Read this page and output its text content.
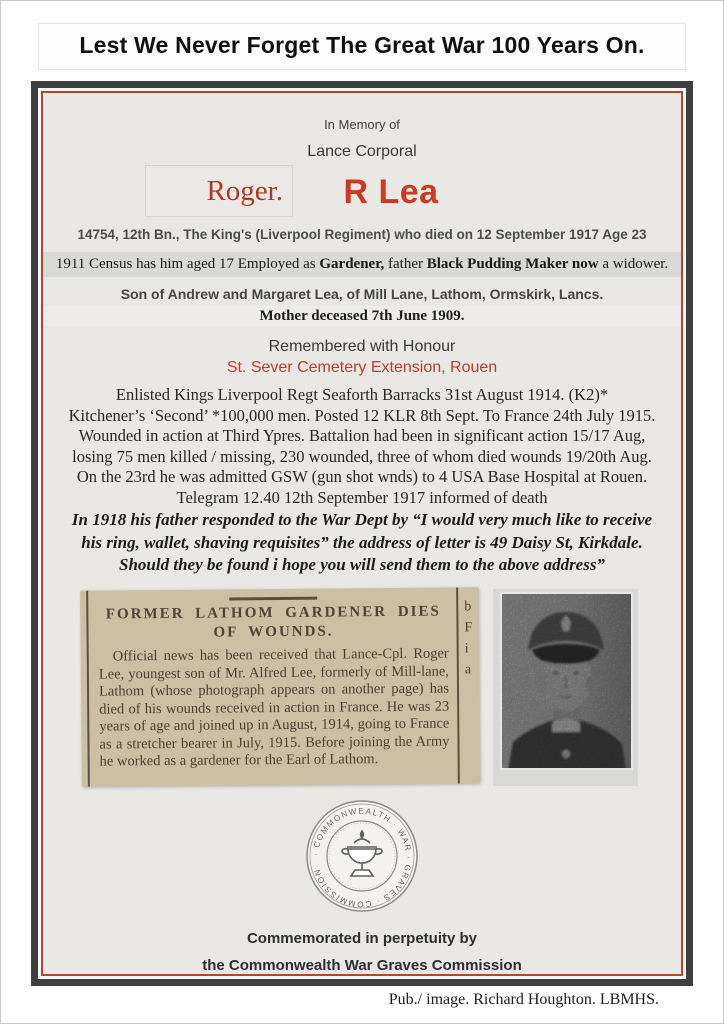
Lest We Never Forget The Great War 100 Years On.
In Memory of
Lance Corporal
Roger. R Lea
14754, 12th Bn., The King's (Liverpool Regiment) who died on 12 September 1917 Age 23
1911 Census has him aged 17 Employed as Gardener, father Black Pudding Maker now a widower.
Son of Andrew and Margaret Lea, of Mill Lane, Lathom, Ormskirk, Lancs.
Mother deceased 7th June 1909.
Remembered with Honour
St. Sever Cemetery Extension, Rouen
Enlisted Kings Liverpool Regt Seaforth Barracks 31st August 1914. (K2)*
Kitchener’s ‘Second’ *100,000 men. Posted 12 KLR 8th Sept. To France 24th July 1915.
Wounded in action at Third Ypres. Battalion had been in significant action 15/17 Aug,
losing 75 men killed / missing, 230 wounded, three of whom died wounds 19/20th Aug.
On the 23rd he was admitted GSW (gun shot wnds) to 4 USA Base Hospital at Rouen.
Telegram 12.40 12th September 1917 informed of death
In 1918 his father responded to the War Dept by “I would very much like to receive
his ring, wallet, shaving requisites” the address of letter is 49 Daisy St, Kirkdale.
Should they be found i hope you will send them to the above address”
FORMER LATHOM GARDENER DIES
OF WOUNDS.
Official news has been received that Lance-Cpl. Roger Lee, youngest son of Mr. Alfred Lee, formerly of Mill-lane, Lathom (whose photograph appears on another page) has died of his wounds received in action in France. He was 23 years of age and joined up in August, 1914, going to France as a stretcher bearer in July, 1915. Before joining the Army he worked as a gardener for the Earl of Lathom.
b
F
i
a
· COMMONWEALTH · WAR · GRAVES · COMMISSION
Commemorated in perpetuity by
the Commonwealth War Graves Commission
Pub./ image. Richard Houghton. LBMHS.
